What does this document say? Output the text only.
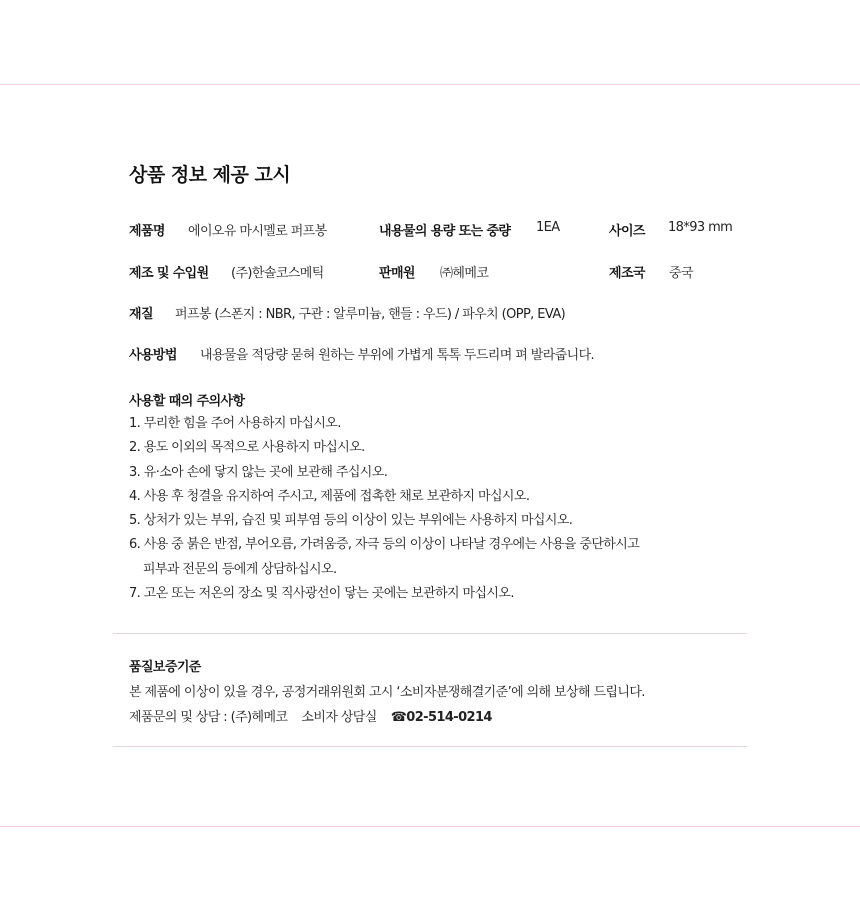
상품 정보 제공 고시
제품명 에이오유 마시멜로 퍼프봉	내용물의 용량 또는 중량 1EA	사이즈 18*93 mm
제조 및 수입원 (주)한솔코스메틱	판매원 ㈜헤메코	제조국 중국
재질 퍼프봉 (스폰지 : NBR, 구관 : 알루미늄, 핸들 : 우드) / 파우치 (OPP, EVA)
사용방법 내용물을 적당량 묻혀 원하는 부위에 가볍게 톡톡 두드리며 펴 발라줍니다.
사용할 때의 주의사항
1. 무리한 힘을 주어 사용하지 마십시오.
2. 용도 이외의 목적으로 사용하지 마십시오.
3. 유·소아 손에 닿지 않는 곳에 보관해 주십시오.
4. 사용 후 청결을 유지하여 주시고, 제품에 접촉한 채로 보관하지 마십시오.
5. 상처가 있는 부위, 습진 및 피부염 등의 이상이 있는 부위에는 사용하지 마십시오.
6. 사용 중 붉은 반점, 부어오름, 가려움증, 자극 등의 이상이 나타날 경우에는 사용을 중단하시고
피부과 전문의 등에게 상담하십시오.
7. 고온 또는 저온의 장소 및 직사광선이 닿는 곳에는 보관하지 마십시오.
품질보증기준
본 제품에 이상이 있을 경우, 공정거래위원회 고시 ‘소비자분쟁해결기준’에 의해 보상해 드립니다.
제품문의 및 상담 : (주)헤메코 소비자 상담실 ☎02-514-0214
